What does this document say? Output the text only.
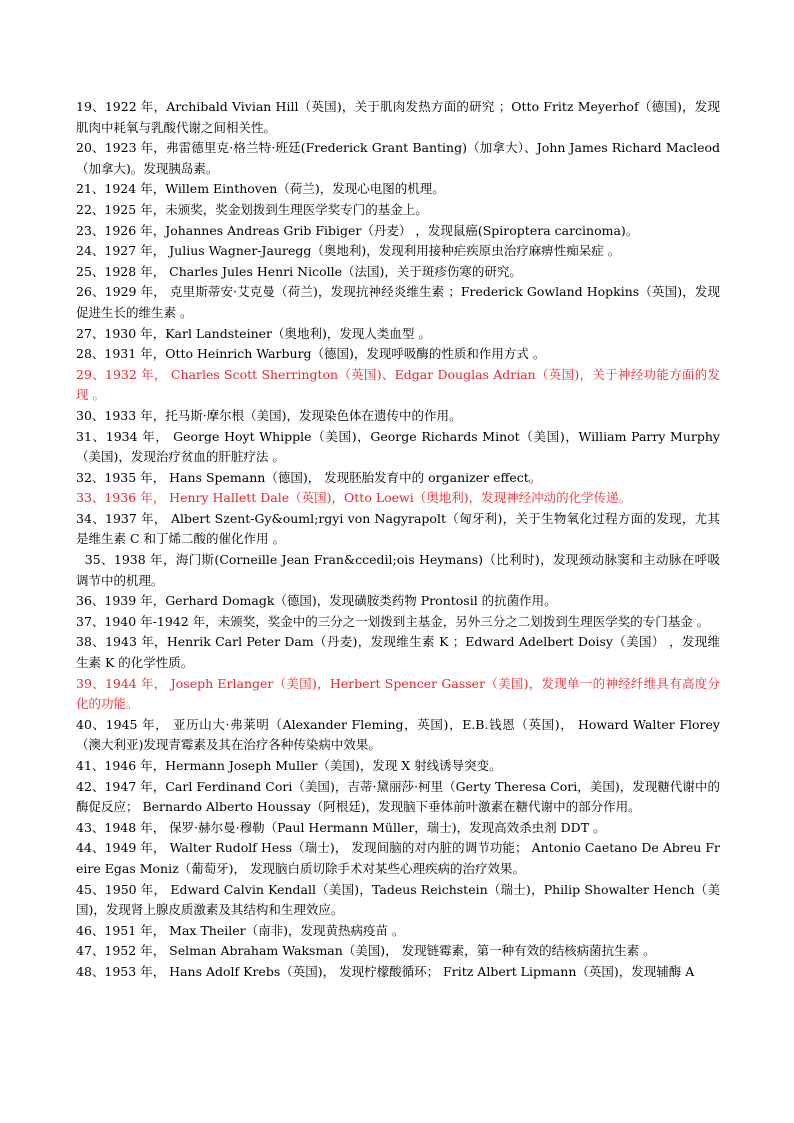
19、1922 年，Archibald Vivian Hill（英国)，关于肌肉发热方面的研究 ；Otto Fritz Meyerhof（德国)，发现肌肉中耗氧与乳酸代谢之间相关性。

20、1923 年，弗雷德里克·格兰特·班廷(Frederick Grant Banting)（加拿大）、John James Richard Macleod（加拿大)。发现胰岛素。

21、1924 年，Willem Einthoven（荷兰)，发现心电图的机理。

22、1925 年，未颁奖，奖金划拨到生理医学奖专门的基金上。

23、1926 年，Johannes Andreas Grib Fibiger（丹麦） ，发现鼠癌(Spiroptera carcinoma)。

24、1927 年， Julius Wagner-Jauregg（奥地利)，发现利用接种疟疾原虫治疗麻痹性痴呆症 。

25、1928 年， Charles Jules Henri Nicolle（法国)，关于斑疹伤寒的研究。

26、1929 年， 克里斯蒂安·艾克曼（荷兰)，发现抗神经炎维生素 ；Frederick Gowland Hopkins（英国)，发现促进生长的维生素 。

27、1930 年，Karl Landsteiner（奥地利)，发现人类血型 。

28、1931 年，Otto Heinrich Warburg（德国)，发现呼吸酶的性质和作用方式 。

29、1932 年， Charles Scott Sherrington（英国)、Edgar Douglas Adrian（英国)，关于神经功能方面的发现 。

30、1933 年，托马斯·摩尔根（美国)，发现染色体在遗传中的作用。

31、1934 年， George Hoyt Whipple（美国)，George Richards Minot（美国)，William Parry Murphy（美国)，发现治疗贫血的肝脏疗法 。

32、1935 年， Hans Spemann（德国)， 发现胚胎发育中的 organizer effect。

33、1936 年， Henry Hallett Dale（英国)，Otto Loewi（奥地利)，发现神经冲动的化学传递。

34、1937 年， Albert Szent-Gy&ouml;rgyi von Nagyrapolt（匈牙利)，关于生物氧化过程方面的发现，尤其是维生素 C 和丁烯二酸的催化作用 。

35、1938 年，海门斯(Corneille Jean Fran&ccedil;ois Heymans)（比利时)，发现颈动脉窦和主动脉在呼吸调节中的机理。

36、1939 年，Gerhard Domagk（德国)，发现磺胺类药物 Prontosil 的抗菌作用。

37、1940 年-1942 年，未颁奖，奖金中的三分之一划拨到主基金，另外三分之二划拨到生理医学奖的专门基金 。

38、1943 年，Henrik Carl Peter Dam（丹麦)，发现维生素 K ；Edward Adelbert Doisy（美国） ，发现维生素 K 的化学性质。

39、1944 年， Joseph Erlanger（美国)，Herbert Spencer Gasser（美国)，发现单一的神经纤维具有高度分化的功能。

40、1945 年， 亚历山大·弗莱明（Alexander Fleming，英国)，E.B.钱恩（英国)， Howard Walter Florey（澳大利亚)发现青霉素及其在治疗各种传染病中效果。

41、1946 年，Hermann Joseph Muller（美国)，发现 X 射线诱导突变。

42、1947 年，Carl Ferdinand Cori（美国)，吉蒂·黛丽莎·柯里（Gerty Theresa Cori，美国)，发现糖代谢中的酶促反应； Bernardo Alberto Houssay（阿根廷)，发现脑下垂体前叶激素在糖代谢中的部分作用。

43、1948 年， 保罗·赫尔曼·穆勒（Paul Hermann Müller，瑞士)，发现高效杀虫剂 DDT 。

44、1949 年， Walter Rudolf Hess（瑞士)， 发现间脑的对内脏的调节功能； Antonio Caetano De Abreu Freire Egas Moniz（葡萄牙)， 发现脑白质切除手术对某些心理疾病的治疗效果。

45、1950 年， Edward Calvin Kendall（美国)，Tadeus Reichstein（瑞士)，Philip Showalter Hench（美国)，发现肾上腺皮质激素及其结构和生理效应。

46、1951 年， Max Theiler（南非)，发现黄热病疫苗 。

47、1952 年， Selman Abraham Waksman（美国)， 发现链霉素，第一种有效的结核病菌抗生素 。

48、1953 年， Hans Adolf Krebs（英国)， 发现柠檬酸循环； Fritz Albert Lipmann（英国)，发现辅酶 A
